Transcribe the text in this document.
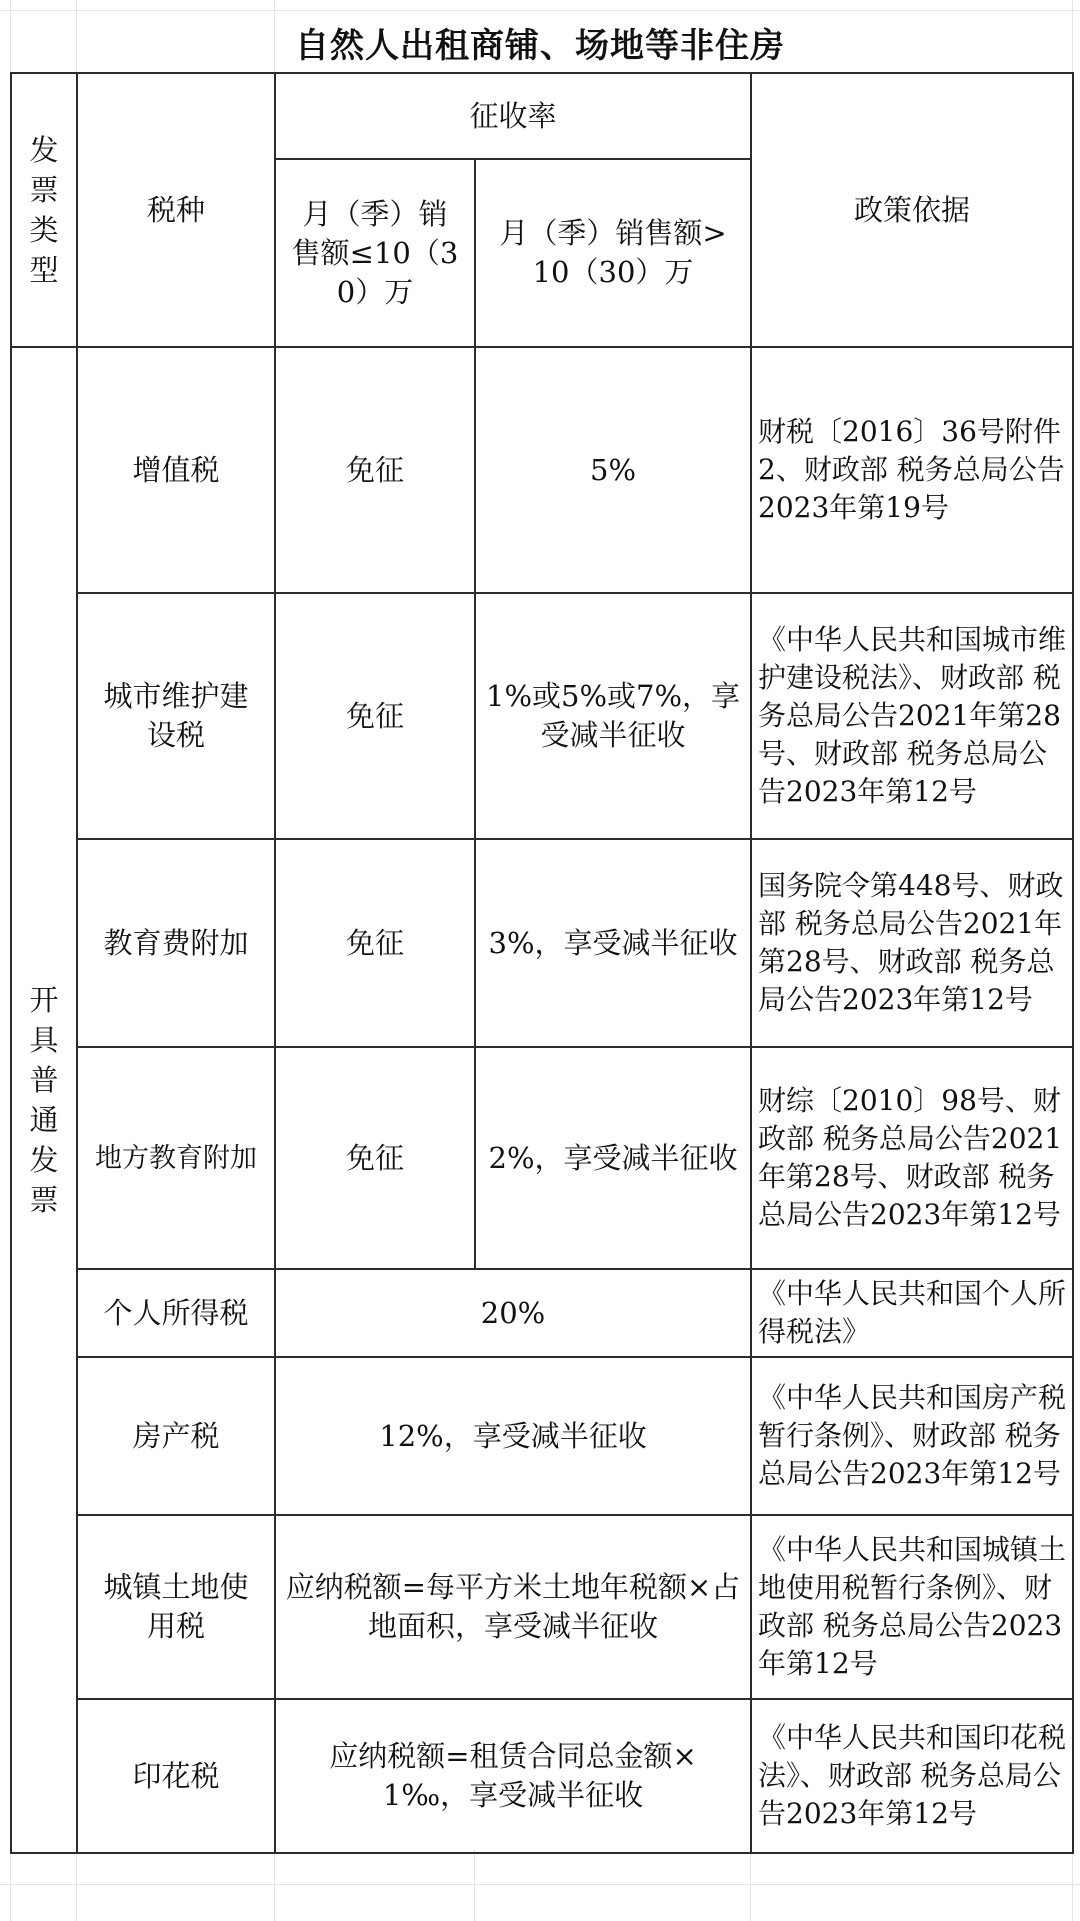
自然人出租商铺、场地等非住房
发票类型	税种	征收率		政策依据
		月（季）销售额≤10（30）万	月（季）销售额>10（30）万	
开具普通发票	增值税	免征	5%	财税〔2016〕36号附件2、财政部 税务总局公告2023年第19号
	城市维护建设税	免征	1%或5%或7%，享受减半征收	《中华人民共和国城市维护建设税法》、财政部 税务总局公告2021年第28号、财政部 税务总局公告2023年第12号
	教育费附加	免征	3%，享受减半征收	国务院令第448号、财政部 税务总局公告2021年第28号、财政部 税务总局公告2023年第12号
	地方教育附加	免征	2%，享受减半征收	财综〔2010〕98号、财政部 税务总局公告2021年第28号、财政部 税务总局公告2023年第12号
	个人所得税	20%		《中华人民共和国个人所得税法》
	房产税	12%，享受减半征收		《中华人民共和国房产税暂行条例》、财政部 税务总局公告2023年第12号
	城镇土地使用税	应纳税额=每平方米土地年税额×占地面积，享受减半征收		《中华人民共和国城镇土地使用税暂行条例》、财政部 税务总局公告2023年第12号
	印花税	应纳税额=租赁合同总金额×1‰，享受减半征收		《中华人民共和国印花税法》、财政部 税务总局公告2023年第12号
